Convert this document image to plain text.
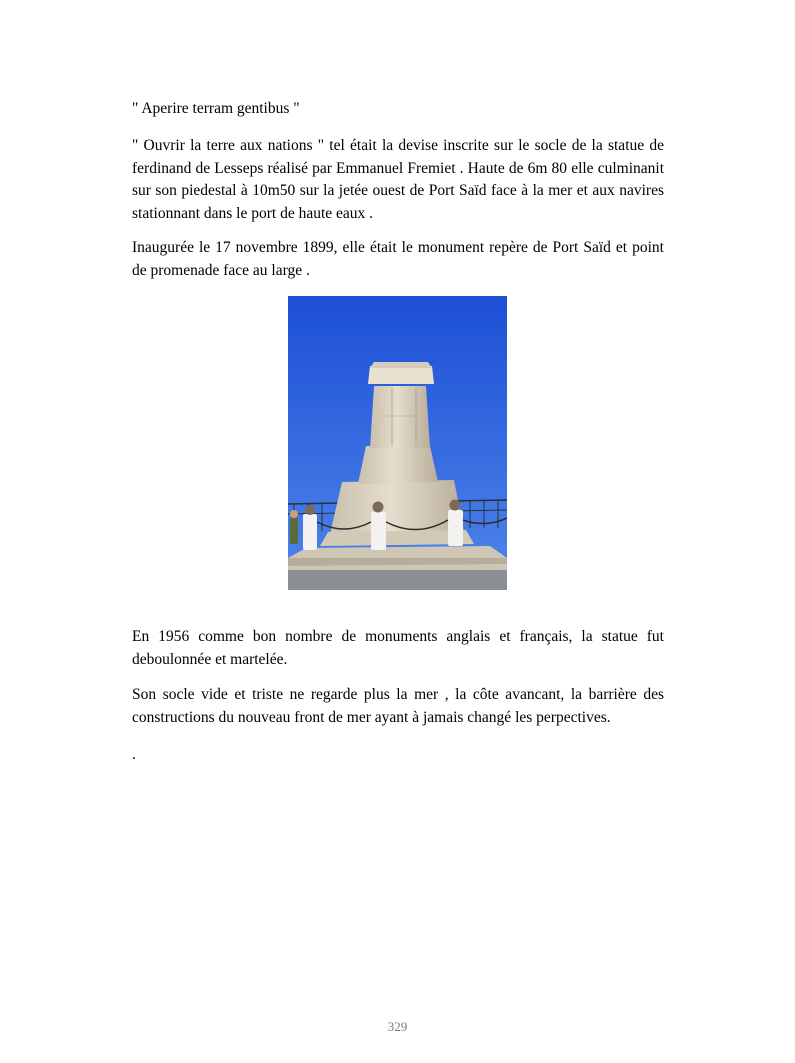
" Aperire terram gentibus "
" Ouvrir la terre aux nations " tel était la devise inscrite sur le socle de la statue de ferdinand de Lesseps réalisé par Emmanuel Fremiet . Haute de 6m 80 elle culminanit sur son piedestal à 10m50 sur la jetée ouest de Port Saïd face à la mer et aux navires stationnant dans le port de haute eaux .
Inaugurée le 17 novembre 1899, elle était le monument repère de Port Saïd et point de promenade face au large .
En 1956 comme bon nombre de monuments anglais et français, la statue fut deboulonnée et martelée.
Son socle vide et triste ne regarde plus la mer , la côte avancant, la barrière des constructions du nouveau front de mer ayant à jamais changé les perpectives.
.
329
